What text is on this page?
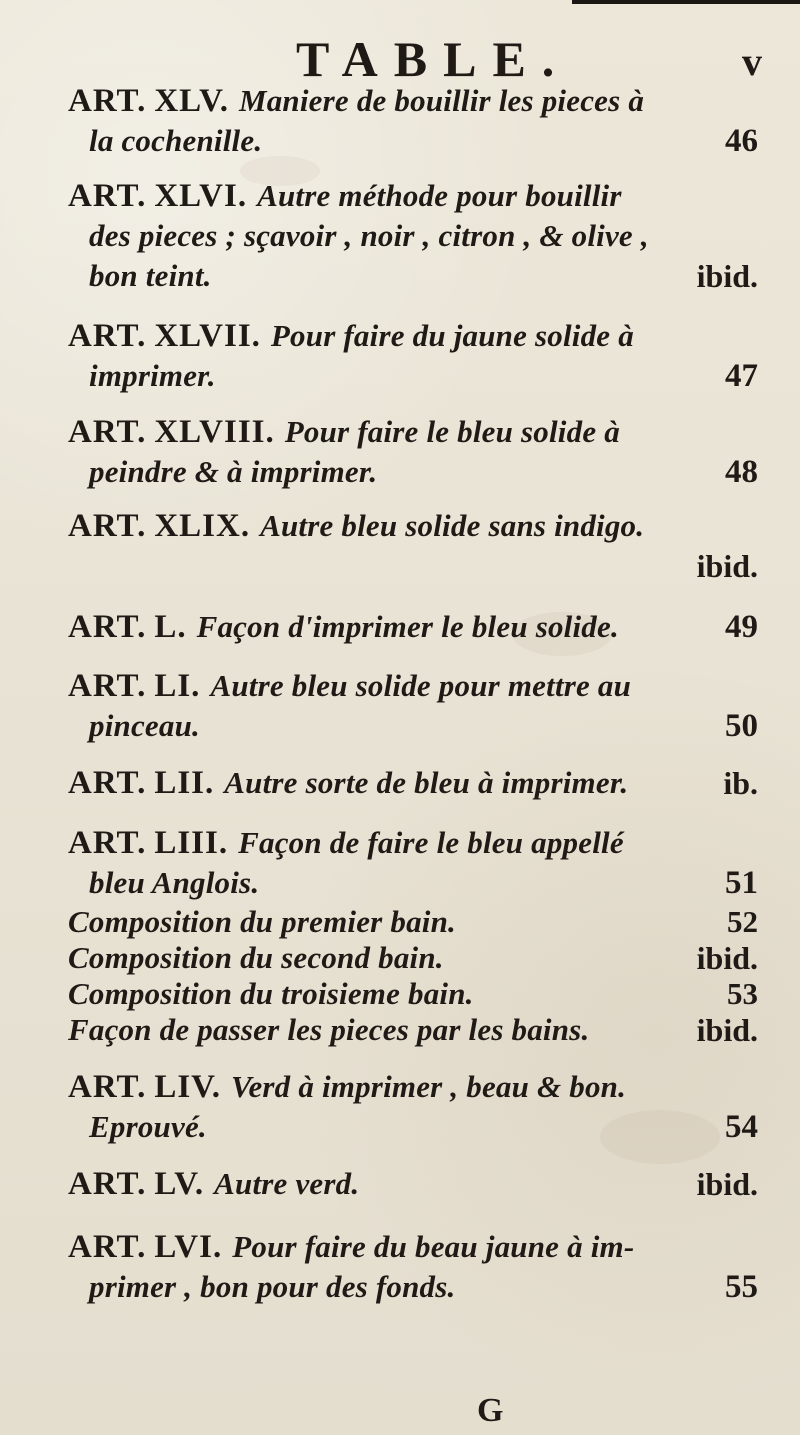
TABLE.	v
ART. XLV. Maniere de bouillir les pieces à
la cochenille.	46
ART. XLVI. Autre méthode pour bouillir
des pieces ; sçavoir , noir , citron , & olive ,
bon teint.	ibid.
ART. XLVII. Pour faire du jaune solide à
imprimer.	47
ART. XLVIII. Pour faire le bleu solide à
peindre & à imprimer.	48
ART. XLIX. Autre bleu solide sans indigo.
ibid.
ART. L. Façon d'imprimer le bleu solide.	49
ART. LI. Autre bleu solide pour mettre au
pinceau.	50
ART. LII. Autre sorte de bleu à imprimer.	ib.
ART. LIII. Façon de faire le bleu appellé
bleu Anglois.	51
Composition du premier bain.	52
Composition du second bain.	ibid.
Composition du troisieme bain.	53
Façon de passer les pieces par les bains.	ibid.
ART. LIV. Verd à imprimer , beau & bon.
Eprouvé.	54
ART. LV. Autre verd.	ibid.
ART. LVI. Pour faire du beau jaune à im-
primer , bon pour des fonds.	55
G
